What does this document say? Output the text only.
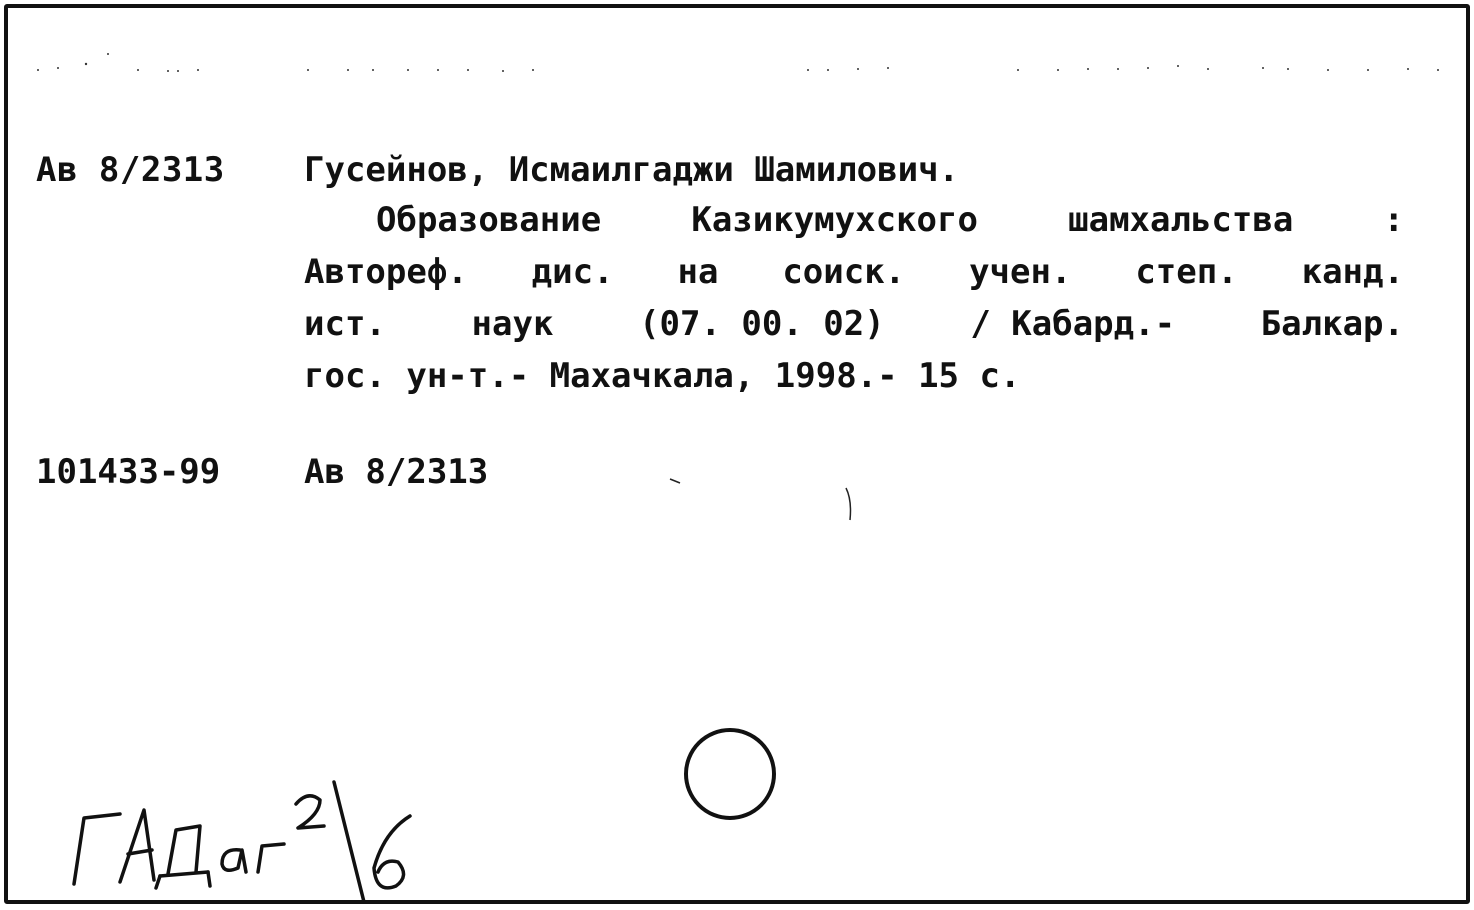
Ав 8/2313 Гусейнов, Исмаилгаджи Шамилович.
Образование	Казикумухского	шамхальства	:
Автореф. дис. на соиск. учен. степ. канд.
ист.	наук	(07. 00. 02)	/ Кабард.-	Балкар.
гос. ун-т.- Махачкала, 1998.- 15 с.
101433-99 Ав 8/2313
